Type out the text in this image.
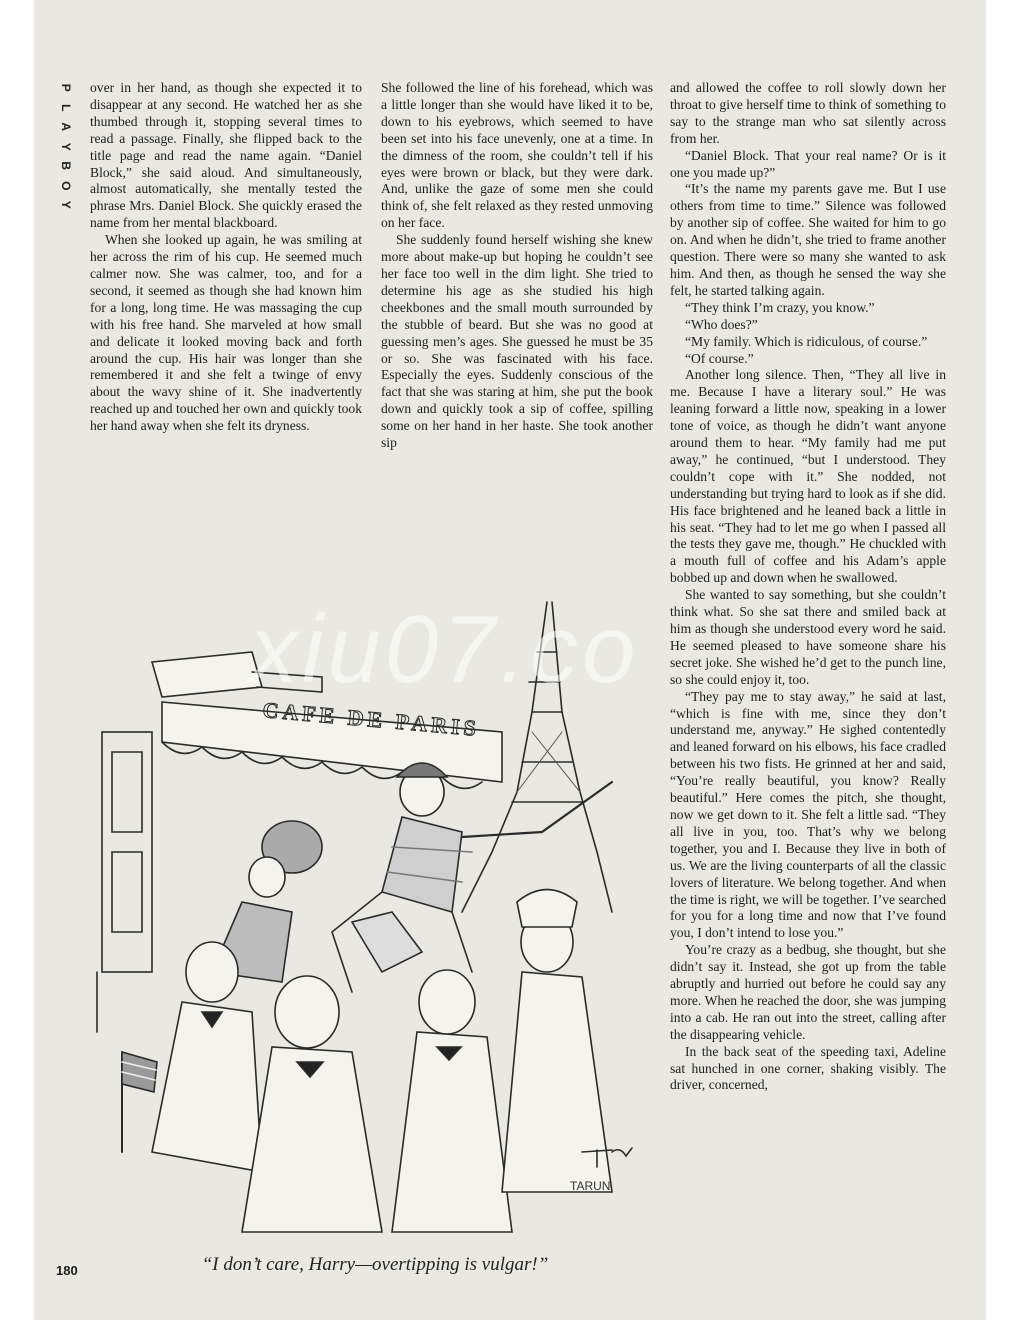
P
L
A
Y
B
O
Y

over in her hand, as though she expected it to disappear at any second. He watched her as she thumbed through it, stopping several times to read a passage. Finally, she flipped back to the title page and read the name again. “Daniel Block,” she said aloud. And simultaneously, almost automatically, she mentally tested the phrase Mrs. Daniel Block. She quickly erased the name from her mental blackboard.

When she looked up again, he was smiling at her across the rim of his cup. He seemed much calmer now. She was calmer, too, and for a second, it seemed as though she had known him for a long, long time. He was massaging the cup with his free hand. She marveled at how small and delicate it looked moving back and forth around the cup. His hair was longer than she remembered it and she felt a twinge of envy about the wavy shine of it. She inadvertently reached up and touched her own and quickly took her hand away when she felt its dryness.

She followed the line of his forehead, which was a little longer than she would have liked it to be, down to his eyebrows, which seemed to have been set into his face unevenly, one at a time. In the dimness of the room, she couldn’t tell if his eyes were brown or black, but they were dark. And, unlike the gaze of some men she could think of, she felt relaxed as they rested unmoving on her face.

She suddenly found herself wishing she knew more about make-up but hoping he couldn’t see her face too well in the dim light. She tried to determine his age as she studied his high cheekbones and the small mouth surrounded by the stubble of beard. But she was no good at guessing men’s ages. She guessed he must be 35 or so. She was fascinated with his face. Especially the eyes. Suddenly conscious of the fact that she was staring at him, she put the book down and quickly took a sip of coffee, spilling some on her hand in her haste. She took another sip

and allowed the coffee to roll slowly down her throat to give herself time to think of something to say to the strange man who sat silently across from her.

“Daniel Block. That your real name? Or is it one you made up?”

“It’s the name my parents gave me. But I use others from time to time.” Silence was followed by another sip of coffee. She waited for him to go on. And when he didn’t, she tried to frame another question. There were so many she wanted to ask him. And then, as though he sensed the way she felt, he started talking again.

“They think I’m crazy, you know.”

“Who does?”

“My family. Which is ridiculous, of course.”

“Of course.”

Another long silence. Then, “They all live in me. Because I have a literary soul.” He was leaning forward a little now, speaking in a lower tone of voice, as though he didn’t want anyone around them to hear. “My family had me put away,” he continued, “but I understood. They couldn’t cope with it.” She nodded, not understanding but trying hard to look as if she did. His face brightened and he leaned back a little in his seat. “They had to let me go when I passed all the tests they gave me, though.” He chuckled with a mouth full of coffee and his Adam’s apple bobbed up and down when he swallowed.

She wanted to say something, but she couldn’t think what. So she sat there and smiled back at him as though she understood every word he said. He seemed pleased to have someone share his secret joke. She wished he’d get to the punch line, so she could enjoy it, too.

“They pay me to stay away,” he said at last, “which is fine with me, since they don’t understand me, anyway.” He sighed contentedly and leaned forward on his elbows, his face cradled between his two fists. He grinned at her and said, “You’re really beautiful, you know? Really beautiful.” Here comes the pitch, she thought, now we get down to it. She felt a little sad. “They all live in you, too. That’s why we belong together, you and I. Because they live in both of us. We are the living counterparts of all the classic lovers of literature. We belong together. And when the time is right, we will be together. I’ve searched for you for a long time and now that I’ve found you, I don’t intend to lose you.”

You’re crazy as a bedbug, she thought, but she didn’t say it. Instead, she got up from the table abruptly and hurried out before he could say any more. When he reached the door, she was jumping into a cab. He ran out into the street, calling after the disappearing vehicle.

In the back seat of the speeding taxi, Adeline sat hunched in one corner, shaking visibly. The driver, concerned,

CAFE DE PARIS
TARUN
xiu07.co
“I don’t care, Harry—overtipping is vulgar!”
180
